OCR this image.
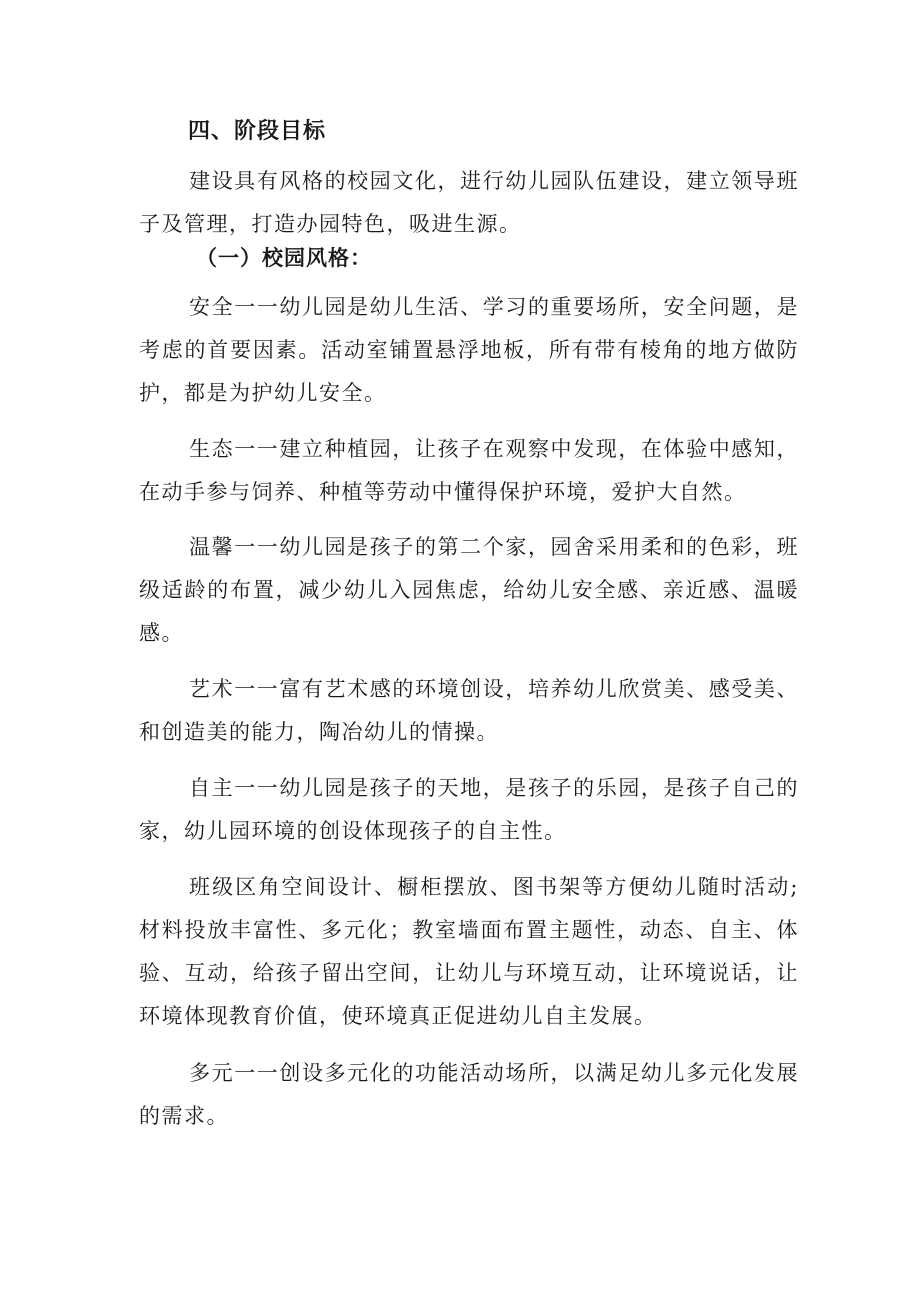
四、阶段目标
建设具有风格的校园文化，进行幼儿园队伍建设，建立领导班子及管理，打造办园特色，吸进生源。
（一）校园风格：
安全一一幼儿园是幼儿生活、学习的重要场所，安全问题，是考虑的首要因素。活动室铺置悬浮地板，所有带有棱角的地方做防护，都是为护幼儿安全。
生态一一建立种植园，让孩子在观察中发现，在体验中感知，在动手参与饲养、种植等劳动中懂得保护环境，爱护大自然。
温馨一一幼儿园是孩子的第二个家，园舍采用柔和的色彩，班级适龄的布置，减少幼儿入园焦虑，给幼儿安全感、亲近感、温暖感。
艺术一一富有艺术感的环境创设，培养幼儿欣赏美、感受美、和创造美的能力，陶冶幼儿的情操。
自主一一幼儿园是孩子的天地，是孩子的乐园，是孩子自己的家，幼儿园环境的创设体现孩子的自主性。
班级区角空间设计、橱柜摆放、图书架等方便幼儿随时活动;材料投放丰富性、多元化；教室墙面布置主题性，动态、自主、体验、互动，给孩子留出空间，让幼儿与环境互动，让环境说话，让环境体现教育价值，使环境真正促进幼儿自主发展。
多元一一创设多元化的功能活动场所，以满足幼儿多元化发展的需求。
